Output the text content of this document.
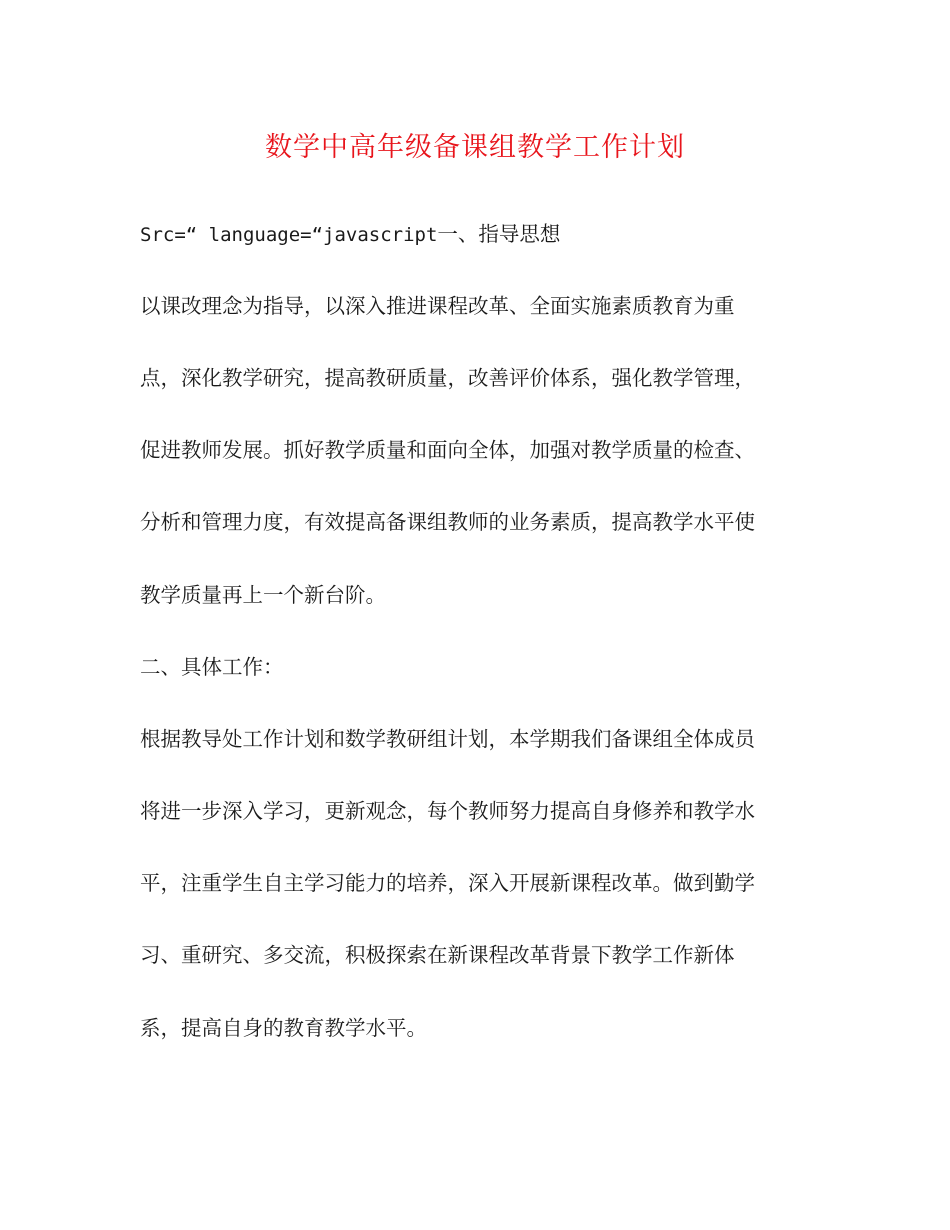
数学中高年级备课组教学工作计划
Src=“ language=“javascript一、指导思想
以课改理念为指导，以深入推进课程改革、全面实施素质教育为重
点，深化教学研究，提高教研质量，改善评价体系，强化教学管理，
促进教师发展。抓好教学质量和面向全体，加强对教学质量的检查、
分析和管理力度，有效提高备课组教师的业务素质，提高教学水平使
教学质量再上一个新台阶。
二、具体工作：
根据教导处工作计划和数学教研组计划，本学期我们备课组全体成员
将进一步深入学习，更新观念，每个教师努力提高自身修养和教学水
平，注重学生自主学习能力的培养，深入开展新课程改革。做到勤学
习、重研究、多交流，积极探索在新课程改革背景下教学工作新体
系，提高自身的教育教学水平。
